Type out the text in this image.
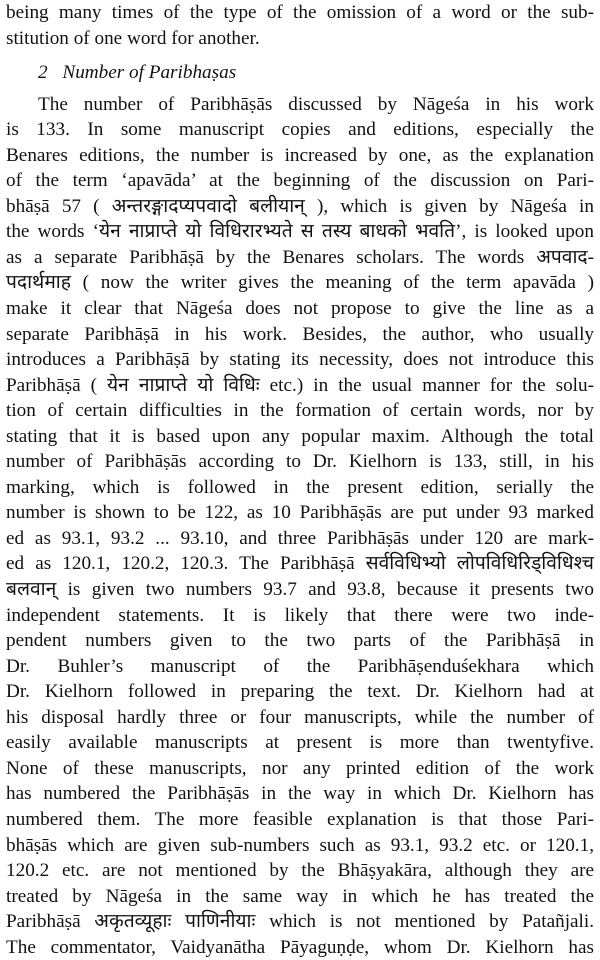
being many times of the type of the omission of a word or the sub-
stitution of one word for another.
2 Number of Paribhaṣas
The number of Paribhāṣās discussed by Nāgeśa in his work
is 133. In some manuscript copies and editions, especially the
Benares editions, the number is increased by one, as the explanation
of the term ‘apavāda’ at the beginning of the discussion on Pari-
bhāṣā 57 ( अन्तरङ्गादप्यपवादो बलीयान् ), which is given by Nāgeśa in
the words ‘येन नाप्राप्ते यो विधिरारभ्यते स तस्य बाधको भवति’, is looked upon
as a separate Paribhāṣā by the Benares scholars. The words अपवाद-
पदार्थमाह ( now the writer gives the meaning of the term apavāda )
make it clear that Nāgeśa does not propose to give the line as a
separate Paribhāṣā in his work. Besides, the author, who usually
introduces a Paribhāṣā by stating its necessity, does not introduce this
Paribhāṣā ( येन नाप्राप्ते यो विधिः etc.) in the usual manner for the solu-
tion of certain difficulties in the formation of certain words, nor by
stating that it is based upon any popular maxim. Although the total
number of Paribhāṣās according to Dr. Kielhorn is 133, still, in his
marking, which is followed in the present edition, serially the
number is shown to be 122, as 10 Paribhāṣās are put under 93 marked
ed as 93.1, 93.2 ... 93.10, and three Paribhāṣās under 120 are mark-
ed as 120.1, 120.2, 120.3. The Paribhāṣā सर्वविधिभ्यो लोपविधिरिड्विधिश्च
बलवान् is given two numbers 93.7 and 93.8, because it presents two
independent statements. It is likely that there were two inde-
pendent numbers given to the two parts of the Paribhāṣā in
Dr. Buhler’s manuscript of the Paribhāṣenduśekhara which
Dr. Kielhorn followed in preparing the text. Dr. Kielhorn had at
his disposal hardly three or four manuscripts, while the number of
easily available manuscripts at present is more than twentyfive.
None of these manuscripts, nor any printed edition of the work
has numbered the Paribhāṣās in the way in which Dr. Kielhorn has
numbered them. The more feasible explanation is that those Pari-
bhāṣās which are given sub-numbers such as 93.1, 93.2 etc. or 120.1,
120.2 etc. are not mentioned by the Bhāṣyakāra, although they are
treated by Nāgeśa in the same way in which he has treated the
Paribhāṣā अकृतव्यूहाः पाणिनीयाः which is not mentioned by Patañjali.
The commentator, Vaidyanātha Pāyaguṇḍe, whom Dr. Kielhorn has
